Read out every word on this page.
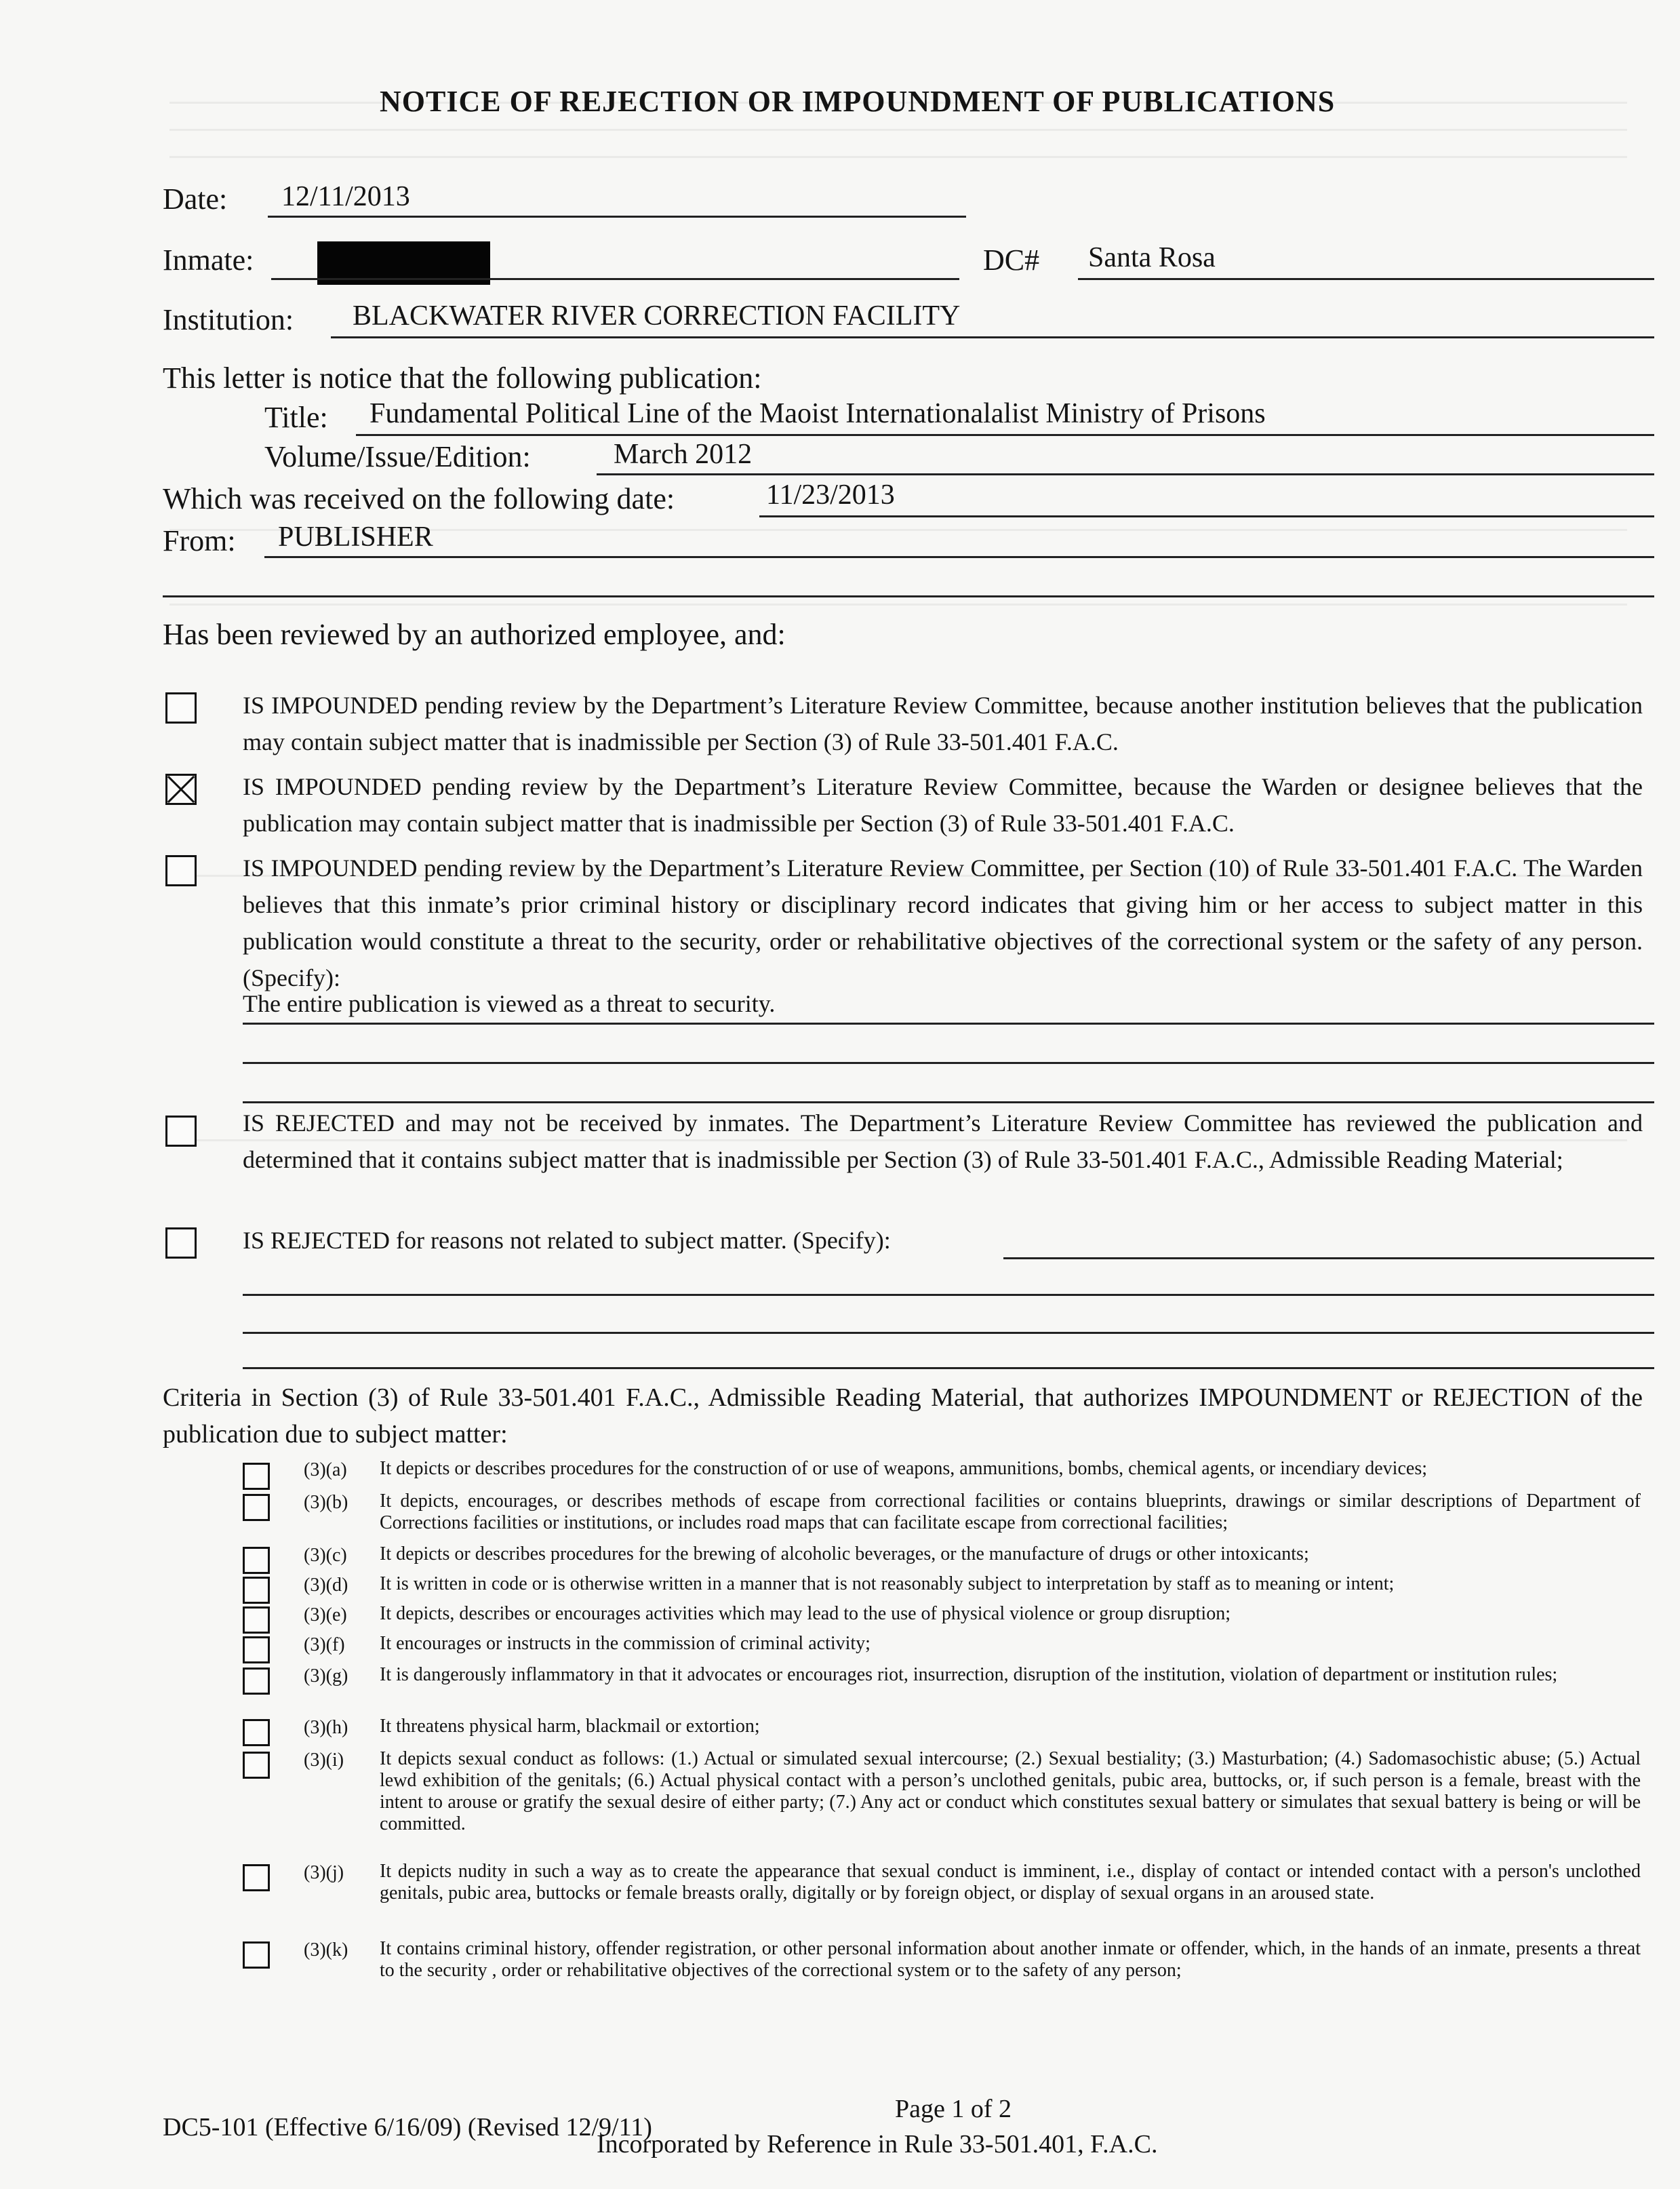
NOTICE OF REJECTION OR IMPOUNDMENT OF PUBLICATIONS
Date: 12/11/2013
Inmate:	DC# Santa Rosa
Institution: BLACKWATER RIVER CORRECTION FACILITY
This letter is notice that the following publication:
Title: Fundamental Political Line of the Maoist Internationalalist Ministry of Prisons
Volume/Issue/Edition:	March 2012
Which was received on the following date:	11/23/2013
From: PUBLISHER
Has been reviewed by an authorized employee, and:
IS IMPOUNDED pending review by the Department’s Literature Review Committee, because another institution believes that the publication may contain subject matter that is inadmissible per Section (3) of Rule 33-501.401 F.A.C.
IS IMPOUNDED pending review by the Department’s Literature Review Committee, because the Warden or designee believes that the publication may contain subject matter that is inadmissible per Section (3) of Rule 33-501.401 F.A.C.
IS IMPOUNDED pending review by the Department’s Literature Review Committee, per Section (10) of Rule 33-501.401 F.A.C. The Warden believes that this inmate’s prior criminal history or disciplinary record indicates that giving him or her access to subject matter in this publication would constitute a threat to the security, order or rehabilitative objectives of the correctional system or the safety of any person. (Specify):
The entire publication is viewed as a threat to security.
IS REJECTED and may not be received by inmates. The Department’s Literature Review Committee has reviewed the publication and determined that it contains subject matter that is inadmissible per Section (3) of Rule 33-501.401 F.A.C., Admissible Reading Material;
IS REJECTED for reasons not related to subject matter. (Specify):
Criteria in Section (3) of Rule 33-501.401 F.A.C., Admissible Reading Material, that authorizes IMPOUNDMENT or REJECTION of the publication due to subject matter:
(3)(a) It depicts or describes procedures for the construction of or use of weapons, ammunitions, bombs, chemical agents, or incendiary devices;
(3)(b) It depicts, encourages, or describes methods of escape from correctional facilities or contains blueprints, drawings or similar descriptions of Department of Corrections facilities or institutions, or includes road maps that can facilitate escape from correctional facilities;
(3)(c) It depicts or describes procedures for the brewing of alcoholic beverages, or the manufacture of drugs or other intoxicants;
(3)(d) It is written in code or is otherwise written in a manner that is not reasonably subject to interpretation by staff as to meaning or intent;
(3)(e) It depicts, describes or encourages activities which may lead to the use of physical violence or group disruption;
(3)(f) It encourages or instructs in the commission of criminal activity;
(3)(g) It is dangerously inflammatory in that it advocates or encourages riot, insurrection, disruption of the institution, violation of department or institution rules;
(3)(h) It threatens physical harm, blackmail or extortion;
(3)(i) It depicts sexual conduct as follows: (1.) Actual or simulated sexual intercourse; (2.) Sexual bestiality; (3.) Masturbation; (4.) Sadomasochistic abuse; (5.) Actual lewd exhibition of the genitals; (6.) Actual physical contact with a person’s unclothed genitals, pubic area, buttocks, or, if such person is a female, breast with the intent to arouse or gratify the sexual desire of either party; (7.) Any act or conduct which constitutes sexual battery or simulates that sexual battery is being or will be committed.
(3)(j) It depicts nudity in such a way as to create the appearance that sexual conduct is imminent, i.e., display of contact or intended contact with a person's unclothed genitals, pubic area, buttocks or female breasts orally, digitally or by foreign object, or display of sexual organs in an aroused state.
(3)(k) It contains criminal history, offender registration, or other personal information about another inmate or offender, which, in the hands of an inmate, presents a threat to the security , order or rehabilitative objectives of the correctional system or to the safety of any person;
DC5-101 (Effective 6/16/09) (Revised 12/9/11)
Page 1 of 2
Incorporated by Reference in Rule 33-501.401, F.A.C.
